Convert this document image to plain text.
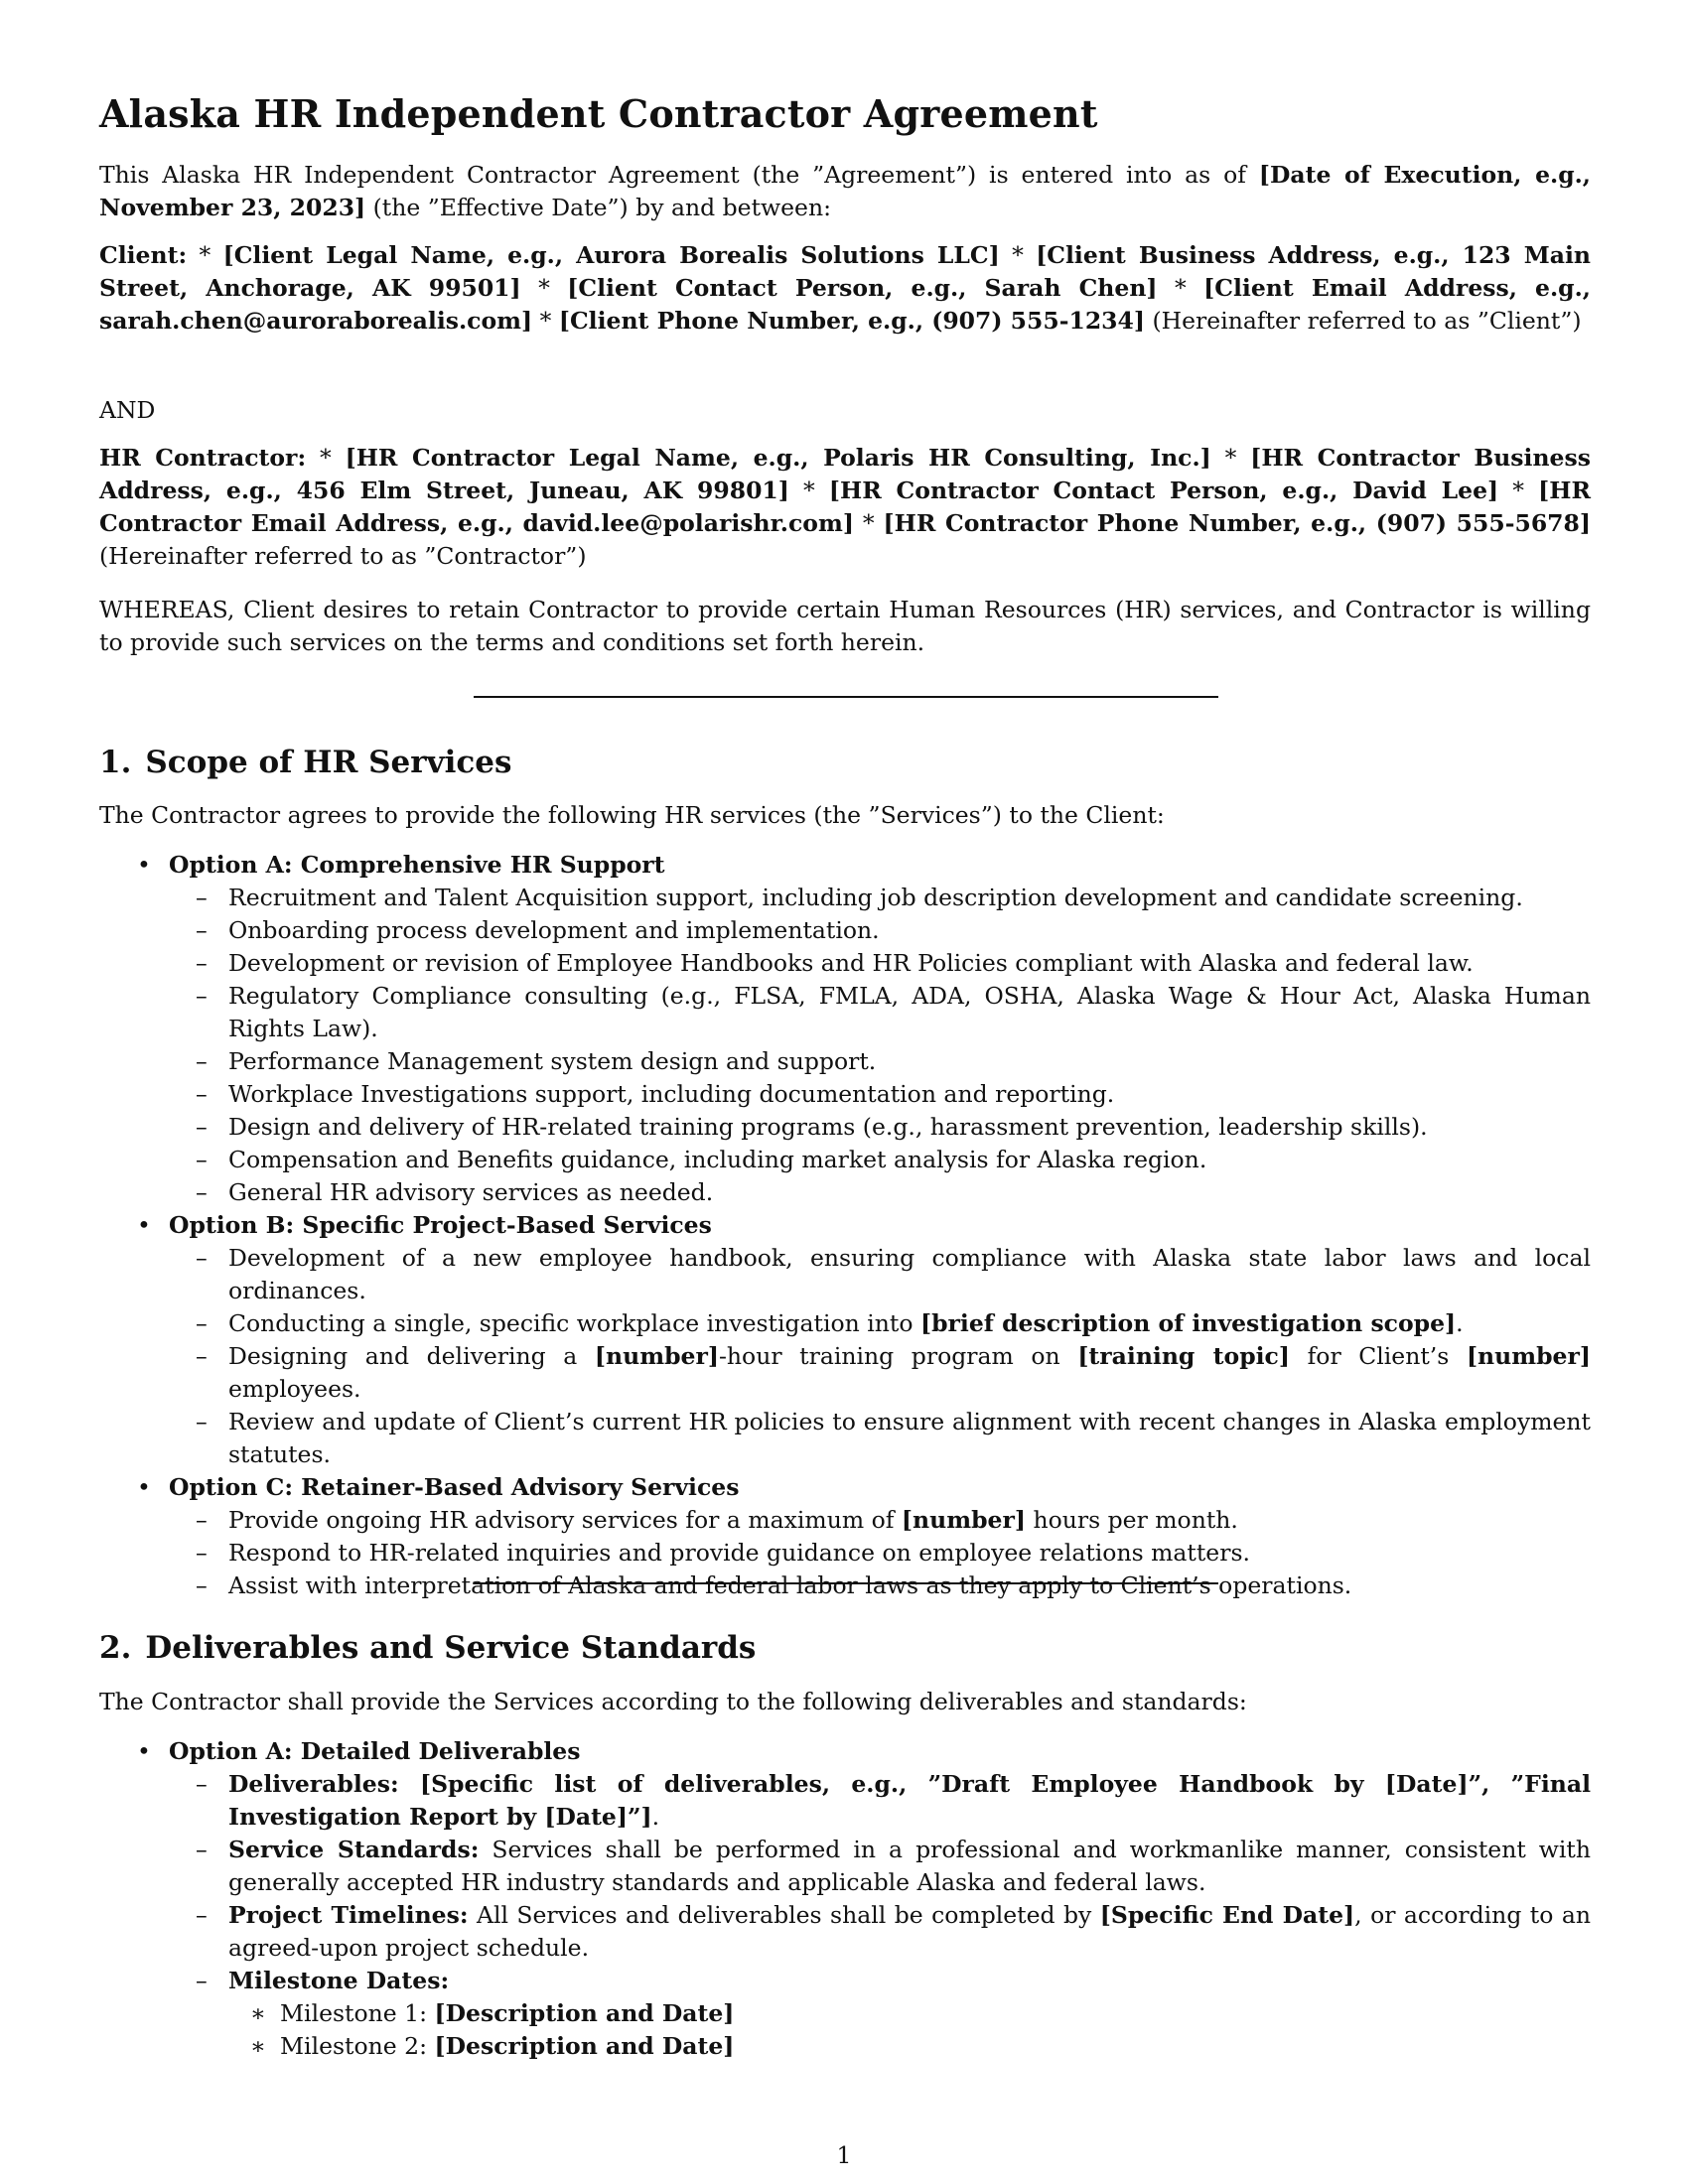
Alaska HR Independent Contractor Agreement

This Alaska HR Independent Contractor Agreement (the ”Agreement”) is entered into as of [Date of Execution, e.g., November 23, 2023] (the ”Effective Date”) by and between:

Client: * [Client Legal Name, e.g., Aurora Borealis Solutions LLC] * [Client Business Address, e.g., 123 Main Street, Anchorage, AK 99501] * [Client Contact Person, e.g., Sarah Chen] * [Client Email Address, e.g., sarah.chen@auroraborealis.com] * [Client Phone Number, e.g., (907) 555-1234] (Hereinafter referred to as ”Client”)

AND

HR Contractor: * [HR Contractor Legal Name, e.g., Polaris HR Consulting, Inc.] * [HR Contractor Business Address, e.g., 456 Elm Street, Juneau, AK 99801] * [HR Contractor Contact Person, e.g., David Lee] * [HR Contractor Email Address, e.g., david.lee@polarishr.com] * [HR Contractor Phone Number, e.g., (907) 555-5678] (Hereinafter referred to as ”Contractor”)

WHEREAS, Client desires to retain Contractor to provide certain Human Resources (HR) services, and Contractor is willing to provide such services on the terms and conditions set forth herein.

1. Scope of HR Services

The Contractor agrees to provide the following HR services (the ”Services”) to the Client:

• Option A: Comprehensive HR Support
– Recruitment and Talent Acquisition support, including job description development and candidate screening.
– Onboarding process development and implementation.
– Development or revision of Employee Handbooks and HR Policies compliant with Alaska and federal law.
– Regulatory Compliance consulting (e.g., FLSA, FMLA, ADA, OSHA, Alaska Wage & Hour Act, Alaska Human Rights Law).
– Performance Management system design and support.
– Workplace Investigations support, including documentation and reporting.
– Design and delivery of HR-related training programs (e.g., harassment prevention, leadership skills).
– Compensation and Benefits guidance, including market analysis for Alaska region.
– General HR advisory services as needed.
• Option B: Specific Project-Based Services
– Development of a new employee handbook, ensuring compliance with Alaska state labor laws and local ordinances.
– Conducting a single, specific workplace investigation into [brief description of investigation scope].
– Designing and delivering a [number]-hour training program on [training topic] for Client’s [number] employees.
– Review and update of Client’s current HR policies to ensure alignment with recent changes in Alaska employment statutes.
• Option C: Retainer-Based Advisory Services
– Provide ongoing HR advisory services for a maximum of [number] hours per month.
– Respond to HR-related inquiries and provide guidance on employee relations matters.
– Assist with interpretation of Alaska and federal labor laws as they apply to Client’s operations.
2. Deliverables and Service Standards

The Contractor shall provide the Services according to the following deliverables and standards:

• Option A: Detailed Deliverables
– Deliverables: [Specific list of deliverables, e.g., ”Draft Employee Handbook by [Date]”, ”Final Investigation Report by [Date]”].
– Service Standards: Services shall be performed in a professional and workmanlike manner, consistent with generally accepted HR industry standards and applicable Alaska and federal laws.
– Project Timelines: All Services and deliverables shall be completed by [Specific End Date], or according to an agreed-upon project schedule.
– Milestone Dates:
∗ Milestone 1: [Description and Date]
∗ Milestone 2: [Description and Date]
1
